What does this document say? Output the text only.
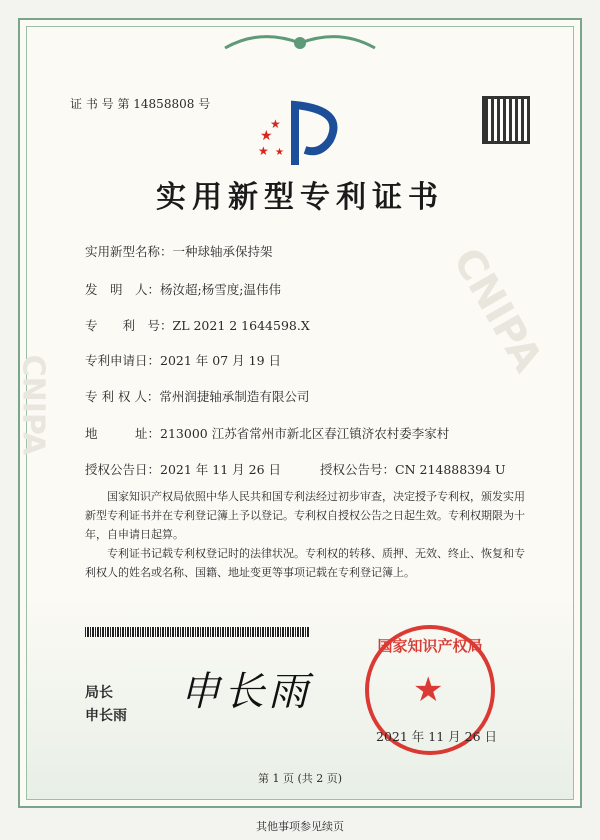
CNIPA
CNIPA
证 书 号 第 14858808 号
★
★
★ ★
实用新型专利证书
实用新型名称：一种球轴承保持架
发　明　人：杨汝超;杨雪度;温伟伟
专　　利　号：ZL 2021 2 1644598.X
专利申请日：2021 年 07 月 19 日
专 利 权 人：常州润捷轴承制造有限公司
地　　　址：213000 江苏省常州市新北区春江镇济农村委李家村
授权公告日：2021 年 11 月 26 日	授权公告号：CN 214888394 U

国家知识产权局依照中华人民共和国专利法经过初步审查，决定授予专利权，颁发实用新型专利证书并在专利登记簿上予以登记。专利权自授权公告之日起生效。专利权期限为十年，自申请日起算。

专利证书记载专利权登记时的法律状况。专利权的转移、质押、无效、终止、恢复和专利权人的姓名或名称、国籍、地址变更等事项记载在专利登记簿上。

局长
申长雨
申长雨
国家知识产权局
★
2021 年 11 月 26 日
第 1 页 (共 2 页)
其他事项参见续页
